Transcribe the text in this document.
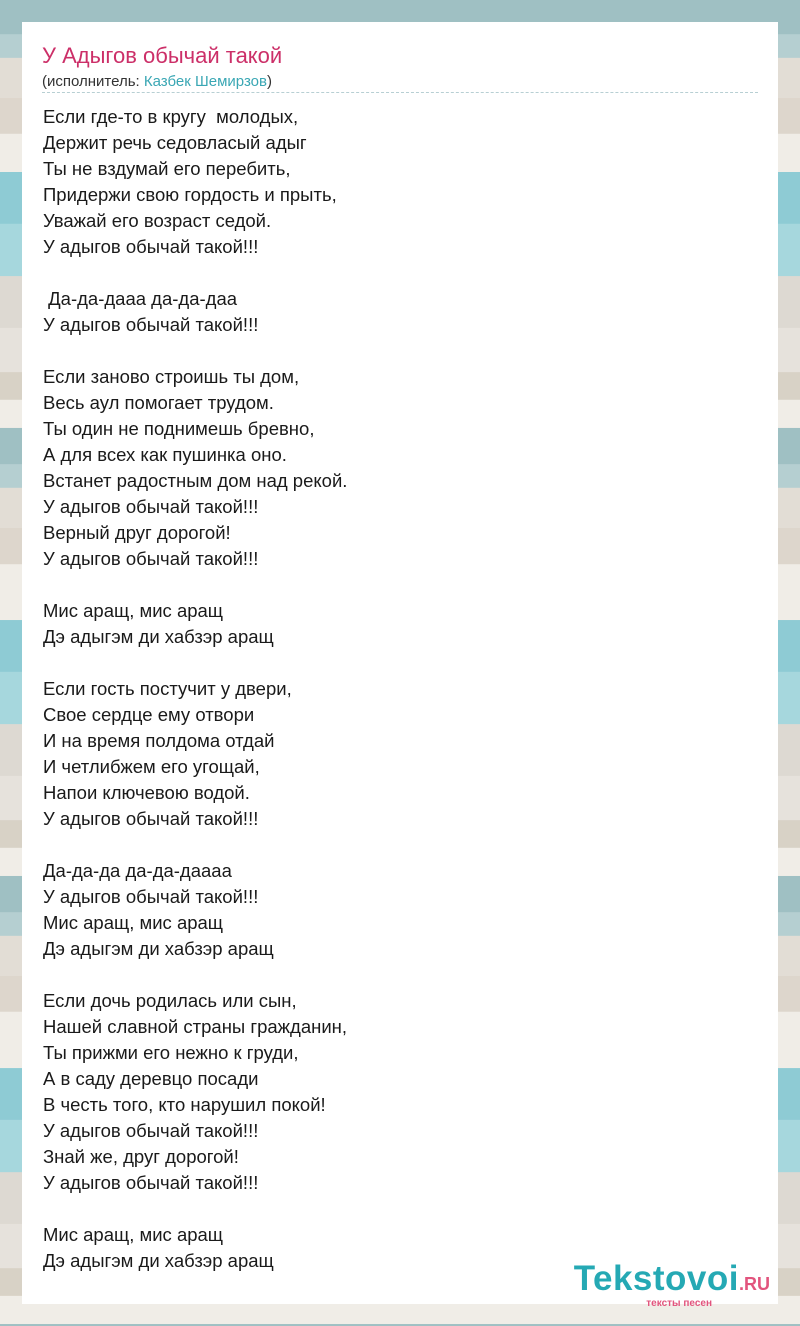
У Адыгов обычай такой
(исполнитель: Казбек Шемирзов)
Если где-то в кругу  молодых,
Держит речь седовласый адыг
Ты не вздумай его перебить,
Придержи свою гордость и прыть,
Уважай его возраст седой.
У адыгов обычай такой!!!
Да-да-дааа да-да-даа
У адыгов обычай такой!!!
Если заново строишь ты дом,
Весь аул помогает трудом.
Ты один не поднимешь бревно,
А для всех как пушинка оно.
Встанет радостным дом над рекой.
У адыгов обычай такой!!!
Верный друг дорогой!
У адыгов обычай такой!!!
Мис аращ, мис аращ
Дэ адыгэм ди хабзэр аращ
Если гость постучит у двери,
Свое сердце ему отвори
И на время полдома отдай
И четлибжем его угощай,
Напои ключевою водой.
У адыгов обычай такой!!!
Да-да-да да-да-дaaaa
У адыгов обычай такой!!!
Мис аращ, мис аращ
Дэ адыгэм ди хабзэр аращ
Если дочь родилась или сын,
Нашей славной страны гражданин,
Ты прижми его нежно к груди,
А в саду деревцо посади
В честь того, кто нарушил покой!
У адыгов обычай такой!!!
Знай же, друг дорогой!
У адыгов обычай такой!!!
Мис аращ, мис аращ
Дэ адыгэм ди хабзэр аращ	Tekstovoi.RU
тексты песен
